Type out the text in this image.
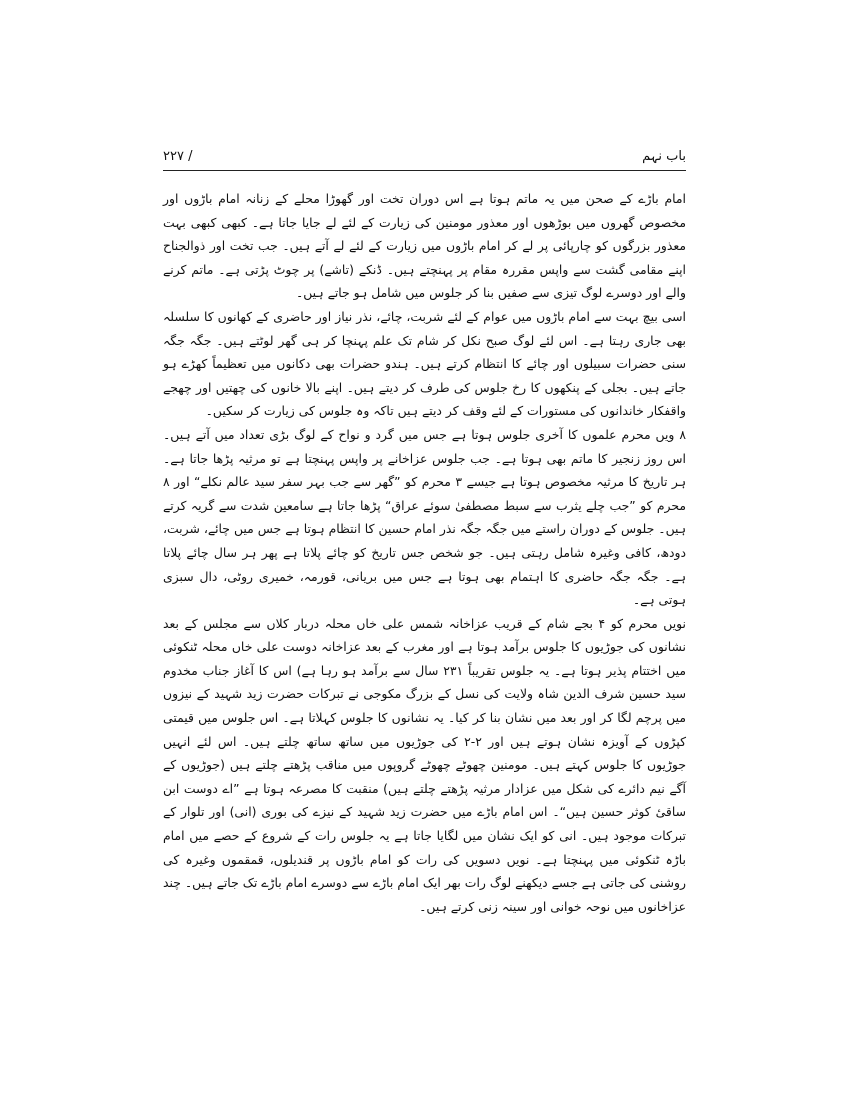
باب نہم
/ ۲۲۷

امام باڑے کے صحن میں یہ ماتم ہوتا ہے اس دوران تخت اور گھوڑا محلے کے زنانہ امام باڑوں اور مخصوص گھروں میں بوڑھوں اور معذور مومنین کی زیارت کے لئے لے جایا جاتا ہے۔ کبھی کبھی بہت معذور بزرگوں کو چارپائی پر لے کر امام باڑوں میں زیارت کے لئے لے آتے ہیں۔ جب تخت اور ذوالجناح اپنے مقامی گشت سے واپس مقررہ مقام پر پہنچتے ہیں۔ ڈنکے (تاشے) پر چوٹ پڑتی ہے۔ ماتم کرنے والے اور دوسرے لوگ تیزی سے صفیں بنا کر جلوس میں شامل ہو جاتے ہیں۔

اسی بیچ بہت سے امام باڑوں میں عوام کے لئے شربت، چائے، نذر نیاز اور حاضری کے کھانوں کا سلسلہ بھی جاری رہتا ہے۔ اس لئے لوگ صبح نکل کر شام تک علم پہنچا کر ہی گھر لوٹتے ہیں۔ جگہ جگہ سنی حضرات سبیلوں اور چائے کا انتظام کرتے ہیں۔ ہندو حضرات بھی دکانوں میں تعظیماً کھڑے ہو جاتے ہیں۔ بجلی کے پنکھوں کا رخ جلوس کی طرف کر دیتے ہیں۔ اپنے بالا خانوں کی چھتیں اور چھجے واقفکار خاندانوں کی مستورات کے لئے وقف کر دیتے ہیں تاکہ وہ جلوس کی زیارت کر سکیں۔

۸ ویں محرم علموں کا آخری جلوس ہوتا ہے جس میں گرد و نواح کے لوگ بڑی تعداد میں آتے ہیں۔ اس روز زنجیر کا ماتم بھی ہوتا ہے۔ جب جلوس عزاخانے پر واپس پہنچتا ہے تو مرثیہ پڑھا جاتا ہے۔ ہر تاریخ کا مرثیہ مخصوص ہوتا ہے جیسے ۳ محرم کو ”گھر سے جب بہر سفر سید عالم نکلے“ اور ۸ محرم کو ”جب چلے یثرب سے سبط مصطفیٰ سوئے عراق“ پڑھا جاتا ہے سامعین شدت سے گریہ کرتے ہیں۔ جلوس کے دوران راستے میں جگہ جگہ نذر امام حسین کا انتظام ہوتا ہے جس میں چائے، شربت، دودھ، کافی وغیرہ شامل رہتی ہیں۔ جو شخص جس تاریخ کو چائے پلاتا ہے پھر ہر سال چائے پلاتا ہے۔ جگہ جگہ حاضری کا اہتمام بھی ہوتا ہے جس میں بریانی، قورمہ، خمیری روٹی، دال سبزی ہوتی ہے۔

نویں محرم کو ۴ بجے شام کے قریب عزاخانہ شمس علی خاں محلہ دربار کلاں سے مجلس کے بعد نشانوں کی جوڑیوں کا جلوس برآمد ہوتا ہے اور مغرب کے بعد عزاخانہ دوست علی خاں محلہ ٹنکوئی میں اختتام پذیر ہوتا ہے۔ یہ جلوس تقریباً ۲۳۱ سال سے برآمد ہو رہا ہے) اس کا آغاز جناب مخدوم سید حسین شرف الدین شاہ ولایت کی نسل کے بزرگ مکوجی نے تبرکات حضرت زید شہید کے نیزوں میں پرچم لگا کر اور بعد میں نشان بنا کر کیا۔ یہ نشانوں کا جلوس کہلاتا ہے۔ اس جلوس میں قیمتی کپڑوں کے آویزہ نشان ہوتے ہیں اور ۲-۲ کی جوڑیوں میں ساتھ ساتھ چلتے ہیں۔ اس لئے انہیں جوڑیوں کا جلوس کہتے ہیں۔ مومنین چھوٹے چھوٹے گروپوں میں مناقب پڑھتے چلتے ہیں (جوڑیوں کے آگے نیم دائرے کی شکل میں عزادار مرثیہ پڑھتے چلتے ہیں) منقبت کا مصرعہ ہوتا ہے ”اے دوست ابن ساقیٔ کوثر حسین ہیں“۔ اس امام باڑے میں حضرت زید شہید کے نیزے کی بوری (انی) اور تلوار کے تبرکات موجود ہیں۔ انی کو ایک نشان میں لگایا جاتا ہے یہ جلوس رات کے شروع کے حصے میں امام باڑہ ٹنکوئی میں پہنچتا ہے۔ نویں دسویں کی رات کو امام باڑوں پر قندیلوں، قمقموں وغیرہ کی روشنی کی جاتی ہے جسے دیکھنے لوگ رات بھر ایک امام باڑے سے دوسرے امام باڑے تک جاتے ہیں۔ چند عزاخانوں میں نوحہ خوانی اور سینہ زنی کرتے ہیں۔
